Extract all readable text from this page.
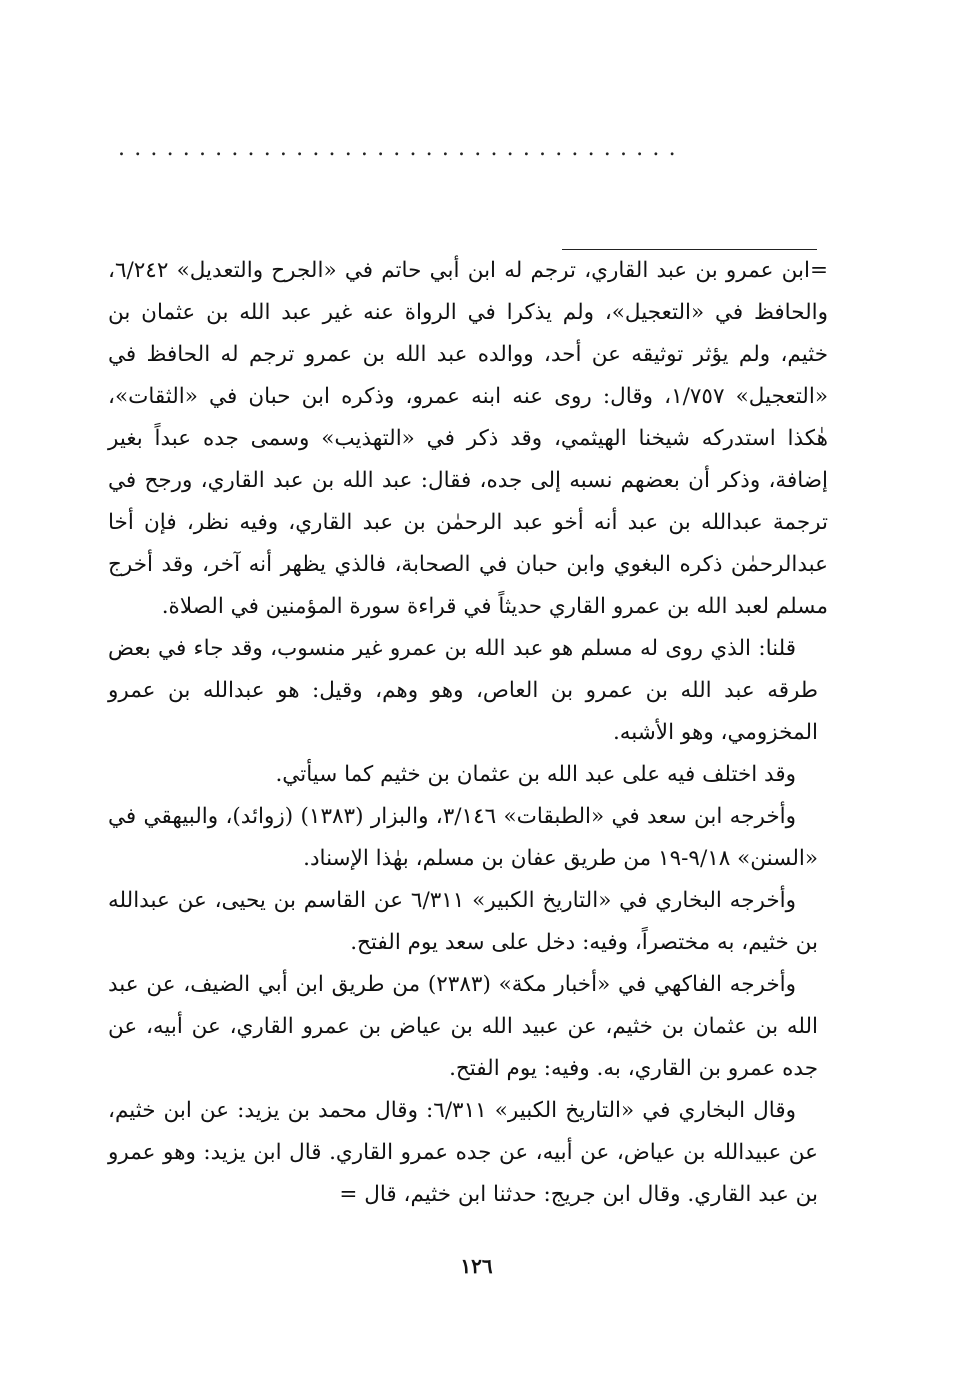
...................................

=ابن عمرو بن عبد القاري، ترجم له ابن أبي حاتم في «الجرح والتعديل» ٦/٢٤٢، والحافظ في «التعجيل»، ولم يذكرا في الرواة عنه غير عبد الله بن عثمان بن خثيم، ولم يؤثر توثيقه عن أحد، ووالده عبد الله بن عمرو ترجم له الحافظ في «التعجيل» ١/٧٥٧، وقال: روى عنه ابنه عمرو، وذكره ابن حبان في «الثقات»، هٰكذا استدركه شيخنا الهيثمي، وقد ذكر في «التهذيب» وسمى جده عبداً بغير إضافة، وذكر أن بعضهم نسبه إلى جده، فقال: عبد الله بن عبد القاري، ورجح في ترجمة عبدالله بن عبد أنه أخو عبد الرحمٰن بن عبد القاري، وفيه نظر، فإن أخا عبدالرحمٰن ذكره البغوي وابن حبان في الصحابة، فالذي يظهر أنه آخر، وقد أخرج مسلم لعبد الله بن عمرو القاري حديثاً في قراءة سورة المؤمنين في الصلاة.

قلنا: الذي روى له مسلم هو عبد الله بن عمرو غير منسوب، وقد جاء في بعض طرقه عبد الله بن عمرو بن العاص، وهو وهم، وقيل: هو عبدالله بن عمرو المخزومي، وهو الأشبه.

وقد اختلف فيه على عبد الله بن عثمان بن خثيم كما سيأتي.

وأخرجه ابن سعد في «الطبقات» ٣/١٤٦، والبزار (١٣٨٣) (زوائد)، والبيهقي في «السنن» ٩/١٨-١٩ من طريق عفان بن مسلم، بهٰذا الإسناد.

وأخرجه البخاري في «التاريخ الكبير» ٦/٣١١ عن القاسم بن يحيى، عن عبدالله بن خثيم، به مختصراً، وفيه: دخل على سعد يوم الفتح.

وأخرجه الفاكهي في «أخبار مكة» (٢٣٨٣) من طريق ابن أبي الضيف، عن عبد الله بن عثمان بن خثيم، عن عبيد الله بن عياض بن عمرو القاري، عن أبيه، عن جده عمرو بن القاري، به. وفيه: يوم الفتح.

وقال البخاري في «التاريخ الكبير» ٦/٣١١: وقال محمد بن يزيد: عن ابن خثيم، عن عبيدالله بن عياض، عن أبيه، عن جده عمرو القاري. قال ابن يزيد: وهو عمرو بن عبد القاري. وقال ابن جريج: حدثنا ابن خثيم، قال =

١٢٦
